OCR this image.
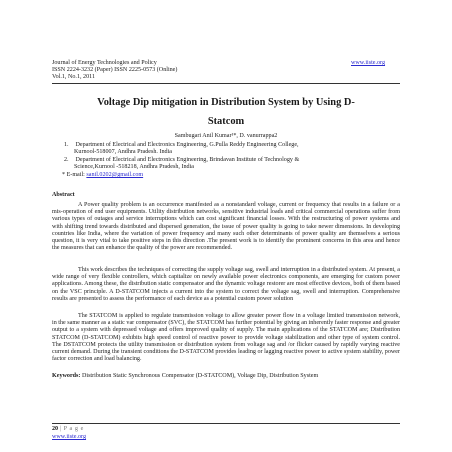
Journal of Energy Technologies and Policy
ISSN 2224-3232 (Paper) ISSN 2225-0573 (Online)
Vol.1, No.1, 2011
www.iiste.org
Voltage Dip mitigation in Distribution System by Using D-
Statcom
Sambugari Anil Kumar¹*, D. vanurrappa2
1. Department of Electrical and Electronics Engineering, G.Pulla Reddy Engineering College,
Kurnool-518007, Andhra Pradesh. India
2. Department of Electrical and Electronics Engineering, Brindavan Institute of Technology &
Science,Kurnool -518218, Andhra Pradesh, India
* E-mail: sanil.0202@gmail.com
Abstract
A Power quality problem is an occurrence manifested as a nonstandard voltage, current or frequency that results in a failure or a mis-operation of end user equipments. Utility distribution networks, sensitive industrial loads and critical commercial operations suffer from various types of outages and service interruptions which can cost significant financial losses. With the restructuring of power systems and with shifting trend towards distributed and dispersed generation, the issue of power quality is going to take newer dimensions. In developing countries like India, where the variation of power frequency and many such other determinants of power quality are themselves a serious question, it is very vital to take positive steps in this direction .The present work is to identify the prominent concerns in this area and hence the measures that can enhance the quality of the power are recommended.
This work describes the techniques of correcting the supply voltage sag, swell and interruption in a distributed system. At present, a wide range of very flexible controllers, which capitalize on newly available power electronics components, are emerging for custom power applications. Among these, the distribution static compensator and the dynamic voltage restorer are most effective devices, both of them based on the VSC principle. A D-STATCOM injects a current into the system to correct the voltage sag, swell and interruption. Comprehensive results are presented to assess the performance of each device as a potential custom power solution
The STATCOM is applied to regulate transmission voltage to allow greater power flow in a voltage limited transmission network, in the same manner as a static var compensator (SVC), the STATCOM has further potential by giving an inherently faster response and greater output to a system with depressed voltage and offers improved quality of supply. The main applications of the STATCOM are; Distribution STATCOM (D-STATCOM) exhibits high speed control of reactive power to provide voltage stabilization and other type of system control. The DSTATCOM protects the utility transmission or distribution system from voltage sag and /or flicker caused by rapidly varying reactive current demand. During the transient conditions the D-STATCOM provides leading or lagging reactive power to active system stability, power factor correction and load balancing.
Keywords: Distribution Static Synchronous Compensator (D-STATCOM), Voltage Dip, Distribution System
20 | P a g e
www.iiste.org
